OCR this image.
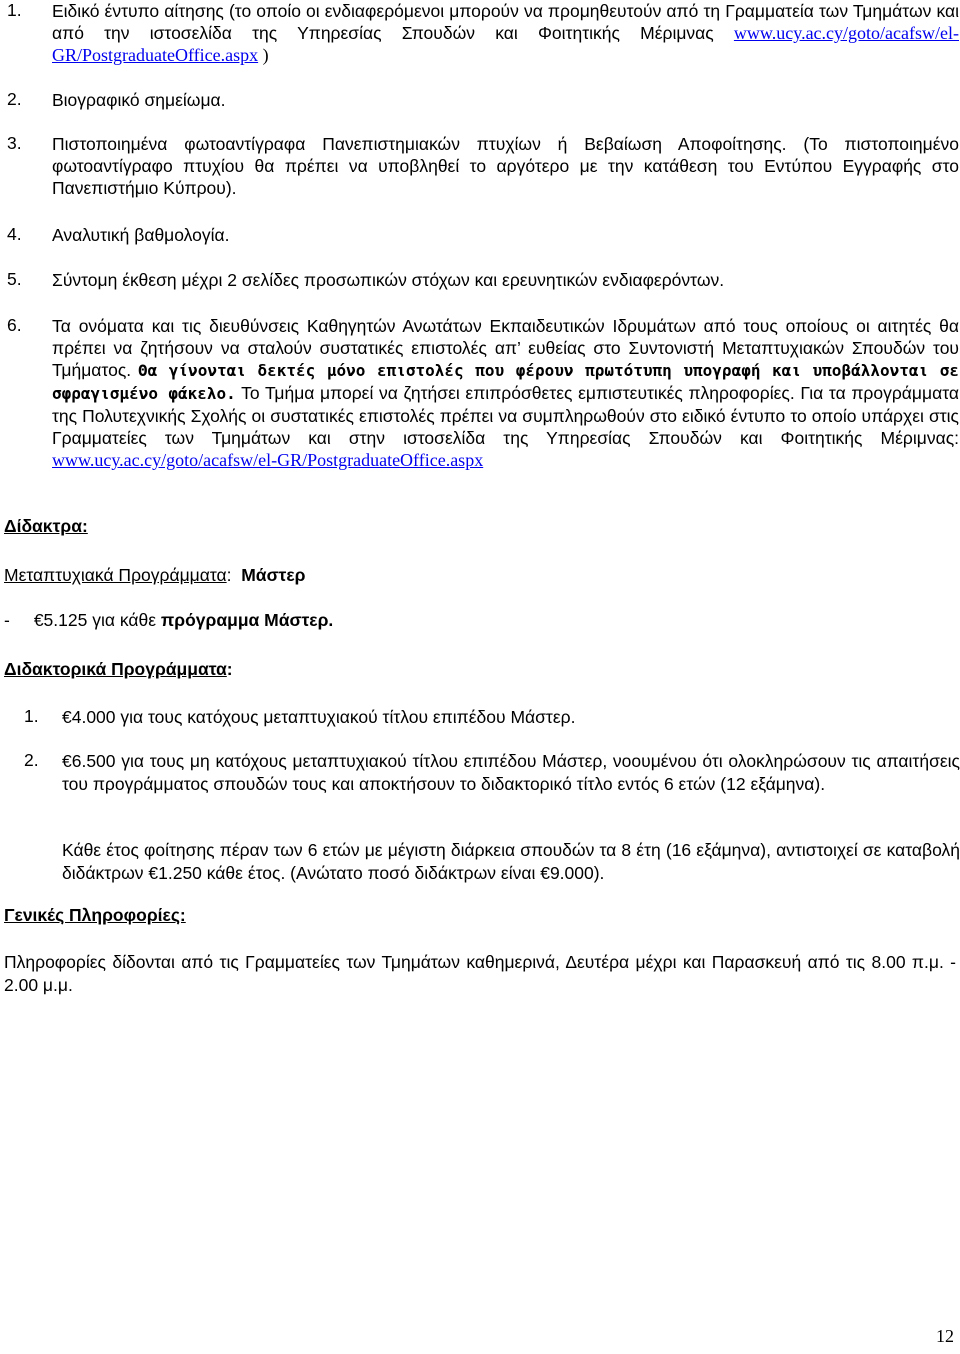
1.	Ειδικό έντυπο αίτησης (το οποίο οι ενδιαφερόμενοι μπορούν να προμηθευτούν από τη Γραμματεία των Τμημάτων και από την ιστοσελίδα της Υπηρεσίας Σπουδών και Φοιτητικής Μέριμνας www.ucy.ac.cy/goto/acafsw/el-GR/PostgraduateOffice.aspx )
2.	Βιογραφικό σημείωμα.
3.	Πιστοποιημένα φωτοαντίγραφα Πανεπιστημιακών πτυχίων ή Βεβαίωση Αποφοίτησης. (Το πιστοποιημένο φωτοαντίγραφο πτυχίου θα πρέπει να υποβληθεί το αργότερο με την κατάθεση του Εντύπου Εγγραφής στο Πανεπιστήμιο Κύπρου).
4.	Αναλυτική βαθμολογία.
5.	Σύντομη έκθεση μέχρι 2 σελίδες προσωπικών στόχων και ερευνητικών ενδιαφερόντων.
6.	Τα ονόματα και τις διευθύνσεις Καθηγητών Ανωτάτων Εκπαιδευτικών Ιδρυμάτων από τους οποίους οι αιτητές θα πρέπει να ζητήσουν να σταλούν συστατικές επιστολές απ’ ευθείας στο Συντονιστή Μεταπτυχιακών Σπουδών του Τμήματος. Θα γίνονται δεκτές μόνο επιστολές που φέρουν πρωτότυπη υπογραφή και υποβάλλονται σε σφραγισμένο φάκελο. Το Τμήμα μπορεί να ζητήσει επιπρόσθετες εμπιστευτικές πληροφορίες. Για τα προγράμματα της Πολυτεχνικής Σχολής οι συστατικές επιστολές πρέπει να συμπληρωθούν στο ειδικό έντυπο το οποίο υπάρχει στις Γραμματείες των Τμημάτων και στην ιστοσελίδα της Υπηρεσίας Σπουδών και Φοιτητικής Μέριμνας: www.ucy.ac.cy/goto/acafsw/el-GR/PostgraduateOffice.aspx
Δίδακτρα:
Μεταπτυχιακά Προγράμματα:  Μάστερ
- €5.125 για κάθε πρόγραμμα Μάστερ.
Διδακτορικά Προγράμματα:
1.	€4.000 για τους κατόχους μεταπτυχιακού τίτλου επιπέδου Μάστερ.
2.	€6.500 για τους μη κατόχους μεταπτυχιακού τίτλου επιπέδου Μάστερ, νοουμένου ότι ολοκληρώσουν τις απαιτήσεις του προγράμματος σπουδών τους και αποκτήσουν το διδακτορικό τίτλο εντός 6 ετών (12 εξάμηνα).
Κάθε έτος φοίτησης πέραν των 6 ετών με μέγιστη διάρκεια σπουδών τα 8 έτη (16 εξάμηνα), αντιστοιχεί σε καταβολή διδάκτρων €1.250 κάθε έτος. (Ανώτατο ποσό διδάκτρων είναι €9.000).
Γενικές Πληροφορίες:
Πληροφορίες δίδονται από τις Γραμματείες των Τμημάτων καθημερινά, Δευτέρα μέχρι και Παρασκευή από τις 8.00 π.μ. - 2.00 μ.μ.
12
